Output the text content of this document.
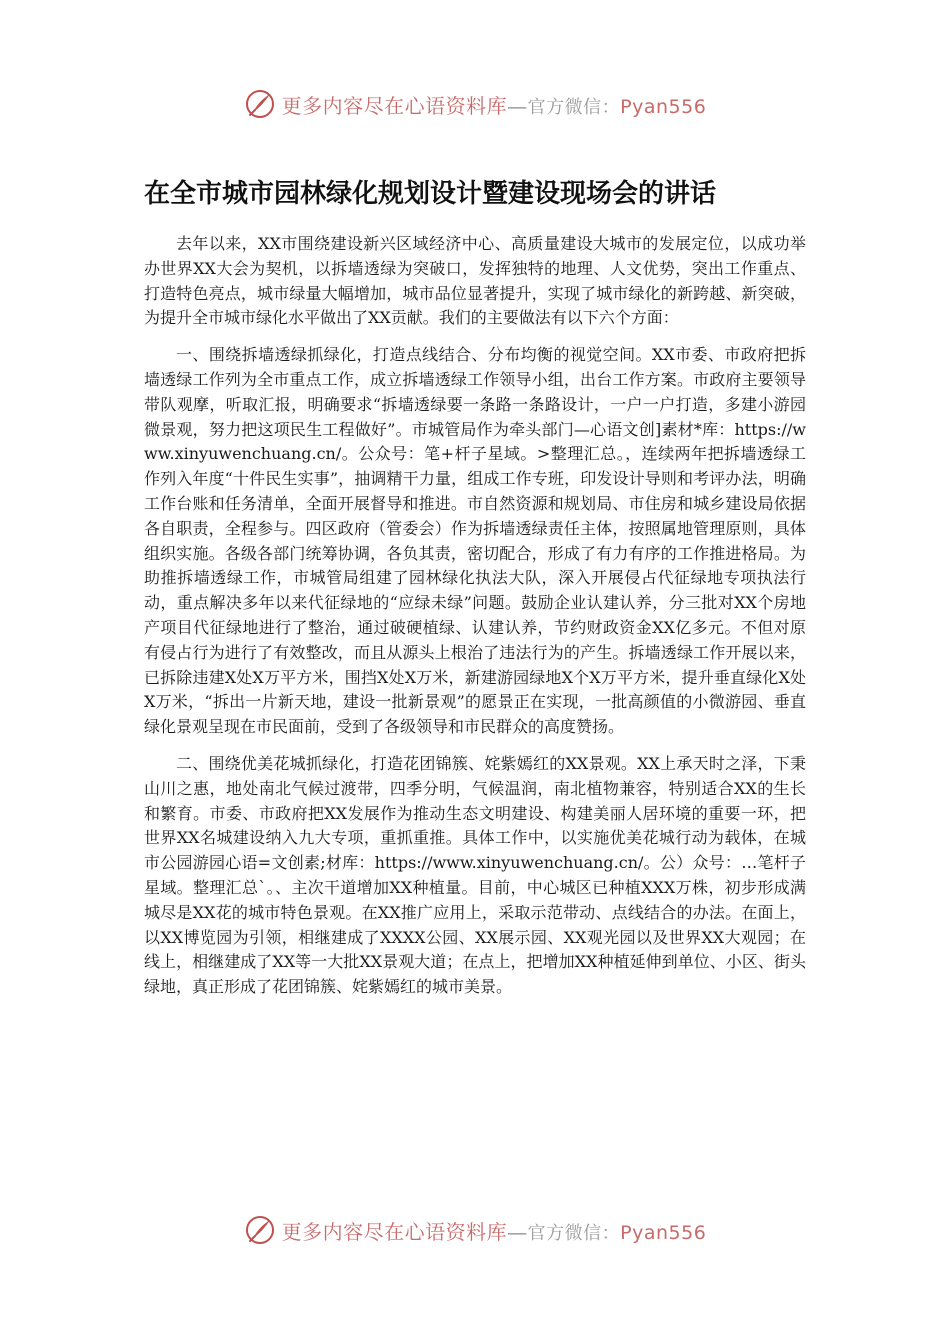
更多内容尽在心语资料库—官方微信：Pyan556
在全市城市园林绿化规划设计暨建设现场会的讲话

去年以来，XX市围绕建设新兴区域经济中心、高质量建设大城市的发展定位，以成功举办世界XX大会为契机，以拆墙透绿为突破口，发挥独特的地理、人文优势，突出工作重点、打造特色亮点，城市绿量大幅增加，城市品位显著提升，实现了城市绿化的新跨越、新突破，为提升全市城市绿化水平做出了XX贡献。我们的主要做法有以下六个方面：

一、围绕拆墙透绿抓绿化，打造点线结合、分布均衡的视觉空间。XX市委、市政府把拆墙透绿工作列为全市重点工作，成立拆墙透绿工作领导小组，出台工作方案。市政府主要领导带队观摩，听取汇报，明确要求“拆墙透绿要一条路一条路设计，一户一户打造，多建小游园微景观，努力把这项民生工程做好”。市城管局作为牵头部门—心语文创]素材*库：https://www.xinyuwenchuang.cn/。公众号：笔+杆子星域。>整理汇总。，连续两年把拆墙透绿工作列入年度“十件民生实事”，抽调精干力量，组成工作专班，印发设计导则和考评办法，明确工作台账和任务清单，全面开展督导和推进。市自然资源和规划局、市住房和城乡建设局依据各自职责，全程参与。四区政府（管委会）作为拆墙透绿责任主体，按照属地管理原则，具体组织实施。各级各部门统筹协调，各负其责，密切配合，形成了有力有序的工作推进格局。为助推拆墙透绿工作，市城管局组建了园林绿化执法大队，深入开展侵占代征绿地专项执法行动，重点解决多年以来代征绿地的“应绿未绿”问题。鼓励企业认建认养，分三批对XX个房地产项目代征绿地进行了整治，通过破硬植绿、认建认养，节约财政资金XX亿多元。不但对原有侵占行为进行了有效整改，而且从源头上根治了违法行为的产生。拆墙透绿工作开展以来，已拆除违建X处X万平方米，围挡X处X万米，新建游园绿地X个X万平方米，提升垂直绿化X处X万米，“拆出一片新天地，建设一批新景观”的愿景正在实现，一批高颜值的小微游园、垂直绿化景观呈现在市民面前，受到了各级领导和市民群众的高度赞扬。

二、围绕优美花城抓绿化，打造花团锦簇、姹紫嫣红的XX景观。XX上承天时之泽，下秉山川之惠，地处南北气候过渡带，四季分明，气候温润，南北植物兼容，特别适合XX的生长和繁育。市委、市政府把XX发展作为推动生态文明建设、构建美丽人居环境的重要一环，把世界XX名城建设纳入九大专项，重抓重推。具体工作中，以实施优美花城行动为载体，在城市公园游园心语=文创素;材库：https://www.xinyuwenchuang.cn/。公）众号：…笔杆子星域。整理汇总`。、主次干道增加XX种植量。目前，中心城区已种植XXX万株，初步形成满城尽是XX花的城市特色景观。在XX推广应用上，采取示范带动、点线结合的办法。在面上，以XX博览园为引领，相继建成了XXXX公园、XX展示园、XX观光园以及世界XX大观园；在线上，相继建成了XX等一大批XX景观大道；在点上，把增加XX种植延伸到单位、小区、街头绿地，真正形成了花团锦簇、姹紫嫣红的城市美景。

更多内容尽在心语资料库—官方微信：Pyan556
